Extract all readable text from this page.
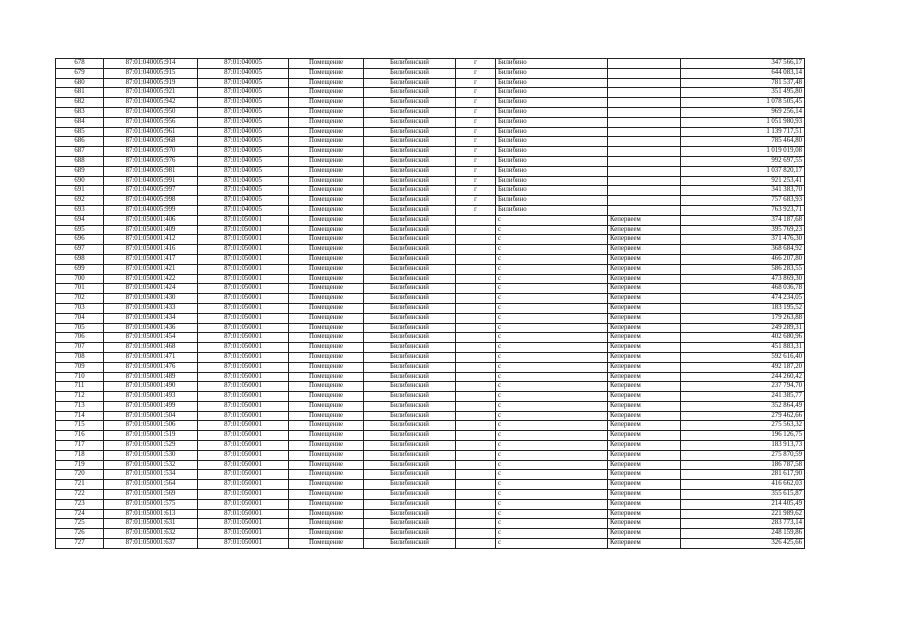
678	87:01:040005:914	87:01:040005	Помещение	Билибинский	г	Билибино		347 566,17
679	87:01:040005:915	87:01:040005	Помещение	Билибинский	г	Билибино		644 083,14
680	87:01:040005:919	87:01:040005	Помещение	Билибинский	г	Билибино		781 537,48
681	87:01:040005:921	87:01:040005	Помещение	Билибинский	г	Билибино		351 495,80
682	87:01:040005:942	87:01:040005	Помещение	Билибинский	г	Билибино		1 078 505,45
683	87:01:040005:950	87:01:040005	Помещение	Билибинский	г	Билибино		969 256,14
684	87:01:040005:956	87:01:040005	Помещение	Билибинский	г	Билибино		1 051 980,93
685	87:01:040005:961	87:01:040005	Помещение	Билибинский	г	Билибино		1 139 717,51
686	87:01:040005:968	87:01:040005	Помещение	Билибинский	г	Билибино		785 464,80
687	87:01:040005:970	87:01:040005	Помещение	Билибинский	г	Билибино		1 019 019,08
688	87:01:040005:976	87:01:040005	Помещение	Билибинский	г	Билибино		992 697,55
689	87:01:040005:981	87:01:040005	Помещение	Билибинский	г	Билибино		1 037 820,17
690	87:01:040005:991	87:01:040005	Помещение	Билибинский	г	Билибино		921 253,41
691	87:01:040005:997	87:01:040005	Помещение	Билибинский	г	Билибино		341 383,70
692	87:01:040005:998	87:01:040005	Помещение	Билибинский	г	Билибино		757 683,93
693	87:01:040005:999	87:01:040005	Помещение	Билибинский	г	Билибино		763 923,71
694	87:01:050001:406	87:01:050001	Помещение	Билибинский		с	Кепервеем	374 187,68
695	87:01:050001:409	87:01:050001	Помещение	Билибинский		с	Кепервеем	395 769,23
696	87:01:050001:412	87:01:050001	Помещение	Билибинский		с	Кепервеем	371 476,30
697	87:01:050001:416	87:01:050001	Помещение	Билибинский		с	Кепервеем	368 684,92
698	87:01:050001:417	87:01:050001	Помещение	Билибинский		с	Кепервеем	466 207,80
699	87:01:050001:421	87:01:050001	Помещение	Билибинский		с	Кепервеем	586 283,55
700	87:01:050001:422	87:01:050001	Помещение	Билибинский		с	Кепервеем	473 869,30
701	87:01:050001:424	87:01:050001	Помещение	Билибинский		с	Кепервеем	468 036,78
702	87:01:050001:430	87:01:050001	Помещение	Билибинский		с	Кепервеем	474 234,05
703	87:01:050001:433	87:01:050001	Помещение	Билибинский		с	Кепервеем	183 195,52
704	87:01:050001:434	87:01:050001	Помещение	Билибинский		с	Кепервеем	179 263,88
705	87:01:050001:436	87:01:050001	Помещение	Билибинский		с	Кепервеем	249 289,31
706	87:01:050001:454	87:01:050001	Помещение	Билибинский		с	Кепервеем	402 680,96
707	87:01:050001:468	87:01:050001	Помещение	Билибинский		с	Кепервеем	451 883,31
708	87:01:050001:471	87:01:050001	Помещение	Билибинский		с	Кепервеем	592 616,40
709	87:01:050001:476	87:01:050001	Помещение	Билибинский		с	Кепервеем	492 187,20
710	87:01:050001:489	87:01:050001	Помещение	Билибинский		с	Кепервеем	244 260,42
711	87:01:050001:490	87:01:050001	Помещение	Билибинский		с	Кепервеем	237 794,70
712	87:01:050001:493	87:01:050001	Помещение	Билибинский		с	Кепервеем	241 385,77
713	87:01:050001:499	87:01:050001	Помещение	Билибинский		с	Кепервеем	352 864,49
714	87:01:050001:504	87:01:050001	Помещение	Билибинский		с	Кепервеем	279 462,66
715	87:01:050001:506	87:01:050001	Помещение	Билибинский		с	Кепервеем	275 563,32
716	87:01:050001:519	87:01:050001	Помещение	Билибинский		с	Кепервеем	196 126,75
717	87:01:050001:529	87:01:050001	Помещение	Билибинский		с	Кепервеем	183 913,73
718	87:01:050001:530	87:01:050001	Помещение	Билибинский		с	Кепервеем	275 870,59
719	87:01:050001:532	87:01:050001	Помещение	Билибинский		с	Кепервеем	186 787,58
720	87:01:050001:534	87:01:050001	Помещение	Билибинский		с	Кепервеем	281 617,90
721	87:01:050001:564	87:01:050001	Помещение	Билибинский		с	Кепервеем	416 662,03
722	87:01:050001:569	87:01:050001	Помещение	Билибинский		с	Кепервеем	355 615,87
723	87:01:050001:575	87:01:050001	Помещение	Билибинский		с	Кепервеем	214 405,49
724	87:01:050001:613	87:01:050001	Помещение	Билибинский		с	Кепервеем	221 989,62
725	87:01:050001:631	87:01:050001	Помещение	Билибинский		с	Кепервеем	283 773,14
726	87:01:050001:632	87:01:050001	Помещение	Билибинский		с	Кепервеем	248 159,86
727	87:01:050001:637	87:01:050001	Помещение	Билибинский		с	Кепервеем	326 425,66
